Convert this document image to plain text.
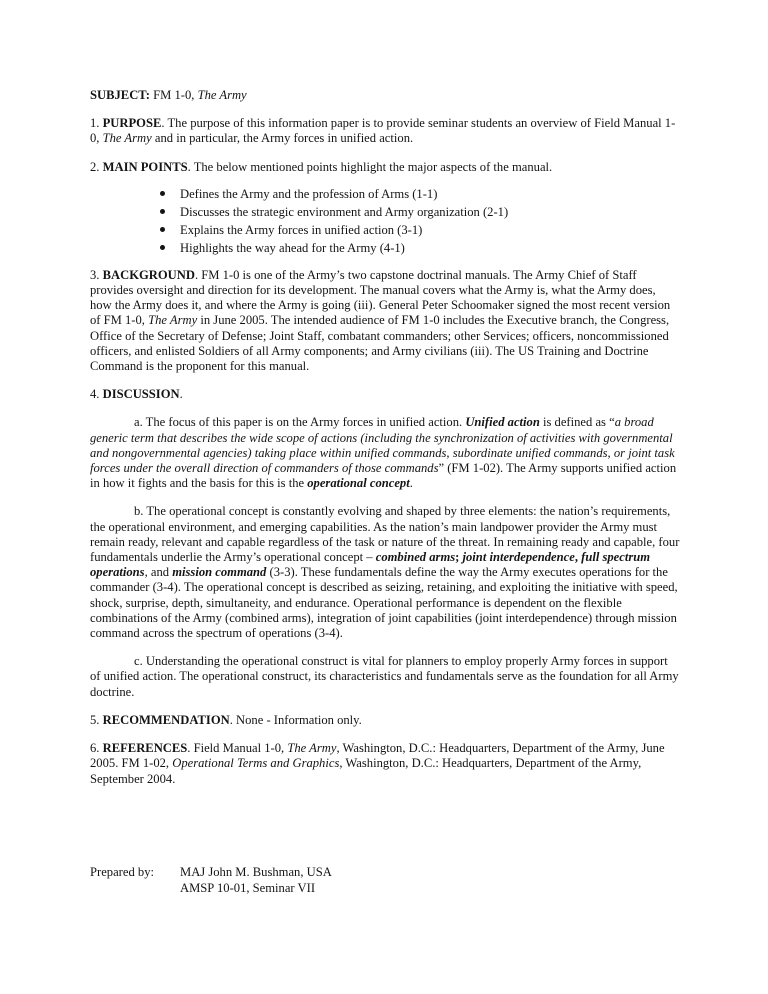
SUBJECT: FM 1-0, The Army

1. PURPOSE. The purpose of this information paper is to provide seminar students an overview of Field Manual 1-0, The Army and in particular, the Army forces in unified action.

2. MAIN POINTS. The below mentioned points highlight the major aspects of the manual.

Defines the Army and the profession of Arms (1-1)
Discusses the strategic environment and Army organization (2-1)
Explains the Army forces in unified action (3-1)
Highlights the way ahead for the Army (4-1)

3. BACKGROUND. FM 1-0 is one of the Army’s two capstone doctrinal manuals. The Army Chief of Staff provides oversight and direction for its development. The manual covers what the Army is, what the Army does, how the Army does it, and where the Army is going (iii). General Peter Schoomaker signed the most recent version of FM 1-0, The Army in June 2005. The intended audience of FM 1-0 includes the Executive branch, the Congress, Office of the Secretary of Defense; Joint Staff, combatant commanders; other Services; officers, noncommissioned officers, and enlisted Soldiers of all Army components; and Army civilians (iii). The US Training and Doctrine Command is the proponent for this manual.

4. DISCUSSION.

a. The focus of this paper is on the Army forces in unified action. Unified action is defined as “a broad generic term that describes the wide scope of actions (including the synchronization of activities with governmental and nongovernmental agencies) taking place within unified commands, subordinate unified commands, or joint task forces under the overall direction of commanders of those commands” (FM 1-02). The Army supports unified action in how it fights and the basis for this is the operational concept.

b. The operational concept is constantly evolving and shaped by three elements: the nation’s requirements, the operational environment, and emerging capabilities. As the nation’s main landpower provider the Army must remain ready, relevant and capable regardless of the task or nature of the threat. In remaining ready and capable, four fundamentals underlie the Army’s operational concept – combined arms; joint interdependence, full spectrum operations, and mission command (3-3). These fundamentals define the way the Army executes operations for the commander (3-4). The operational concept is described as seizing, retaining, and exploiting the initiative with speed, shock, surprise, depth, simultaneity, and endurance. Operational performance is dependent on the flexible combinations of the Army (combined arms), integration of joint capabilities (joint interdependence) through mission command across the spectrum of operations (3-4).

c. Understanding the operational construct is vital for planners to employ properly Army forces in support of unified action. The operational construct, its characteristics and fundamentals serve as the foundation for all Army doctrine.

5. RECOMMENDATION. None - Information only.

6. REFERENCES. Field Manual 1-0, The Army, Washington, D.C.: Headquarters, Department of the Army, June 2005. FM 1-02, Operational Terms and Graphics, Washington, D.C.: Headquarters, Department of the Army, September 2004.

Prepared by:	MAJ John M. Bushman, USA
AMSP 10-01, Seminar VII
